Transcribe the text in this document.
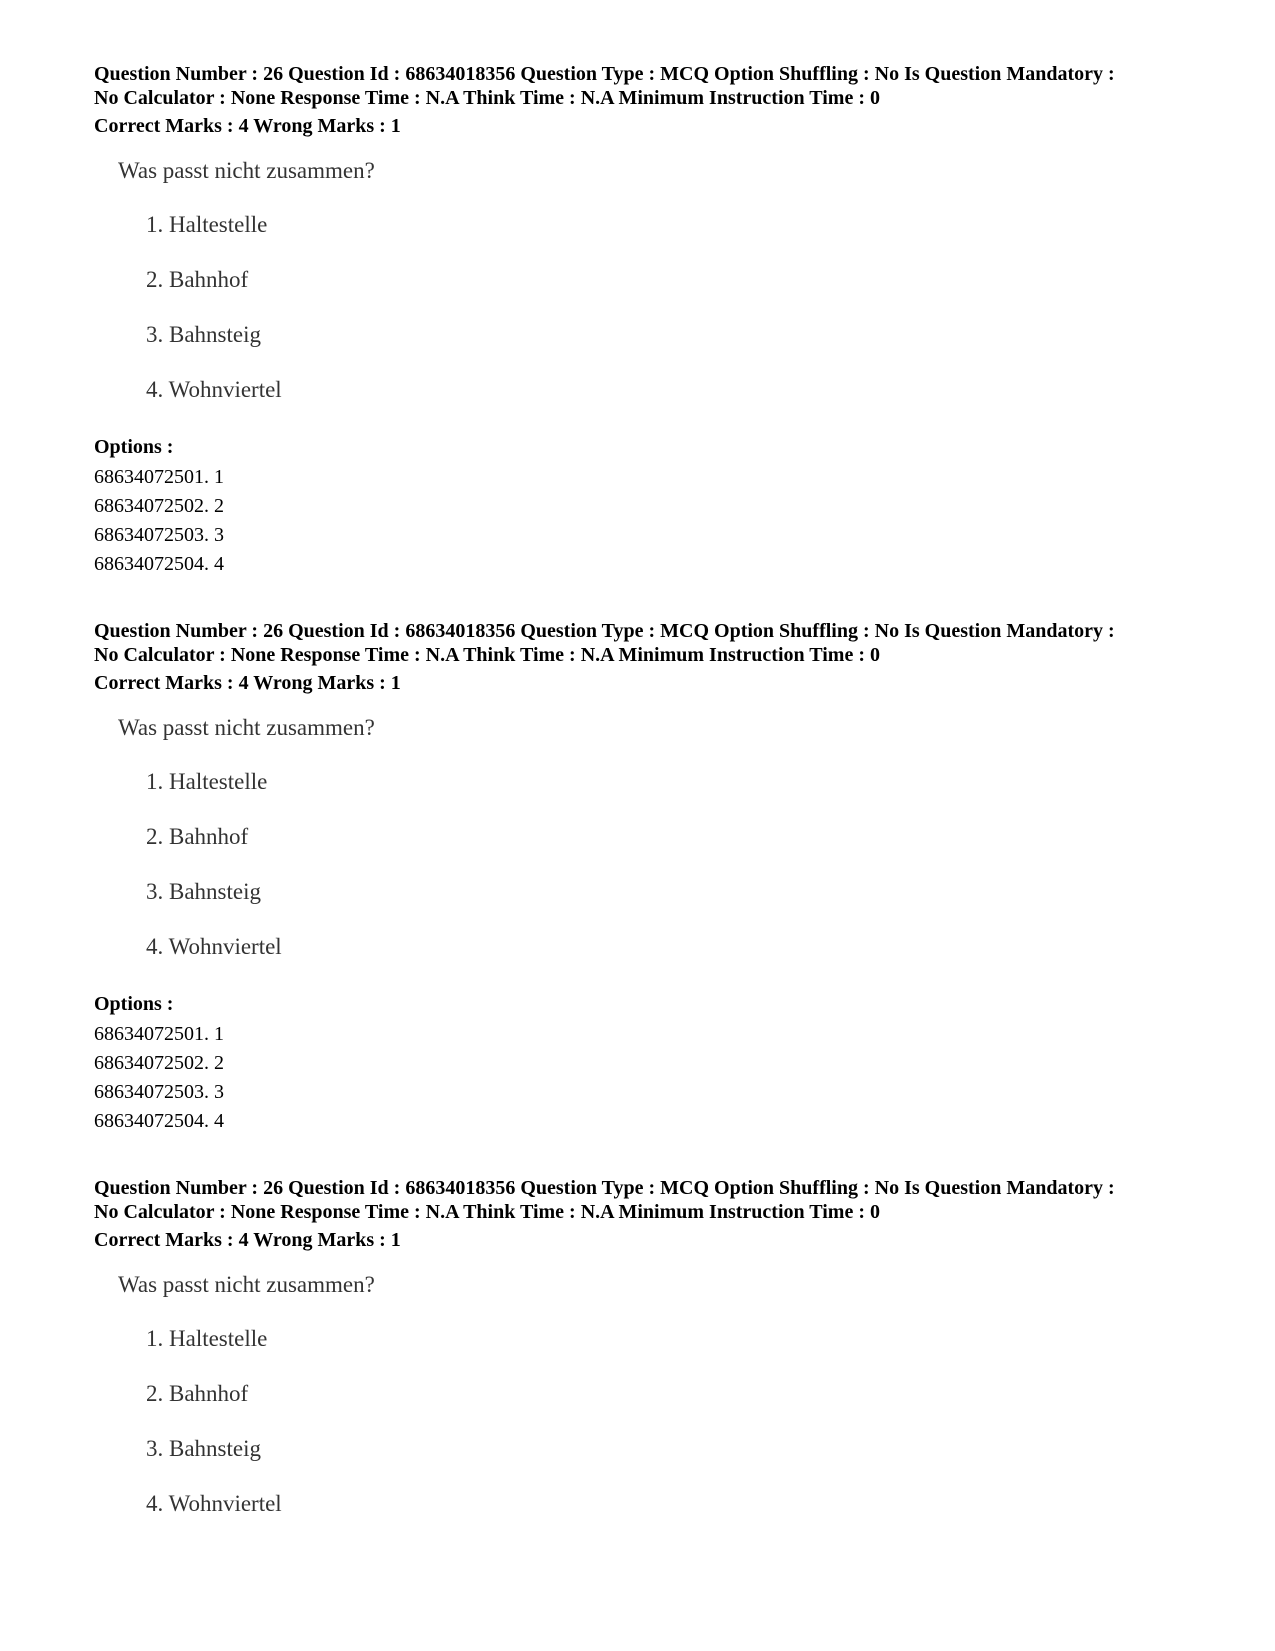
Question Number : 26 Question Id : 68634018356 Question Type : MCQ Option Shuffling : No Is Question Mandatory :
No Calculator : None Response Time : N.A Think Time : N.A Minimum Instruction Time : 0
Correct Marks : 4 Wrong Marks : 1
Was passt nicht zusammen?
1. Haltestelle
2. Bahnhof
3. Bahnsteig
4. Wohnviertel
Options :
68634072501. 1
68634072502. 2
68634072503. 3
68634072504. 4
Question Number : 26 Question Id : 68634018356 Question Type : MCQ Option Shuffling : No Is Question Mandatory :
No Calculator : None Response Time : N.A Think Time : N.A Minimum Instruction Time : 0
Correct Marks : 4 Wrong Marks : 1
Was passt nicht zusammen?
1. Haltestelle
2. Bahnhof
3. Bahnsteig
4. Wohnviertel
Options :
68634072501. 1
68634072502. 2
68634072503. 3
68634072504. 4
Question Number : 26 Question Id : 68634018356 Question Type : MCQ Option Shuffling : No Is Question Mandatory :
No Calculator : None Response Time : N.A Think Time : N.A Minimum Instruction Time : 0
Correct Marks : 4 Wrong Marks : 1
Was passt nicht zusammen?
1. Haltestelle
2. Bahnhof
3. Bahnsteig
4. Wohnviertel
